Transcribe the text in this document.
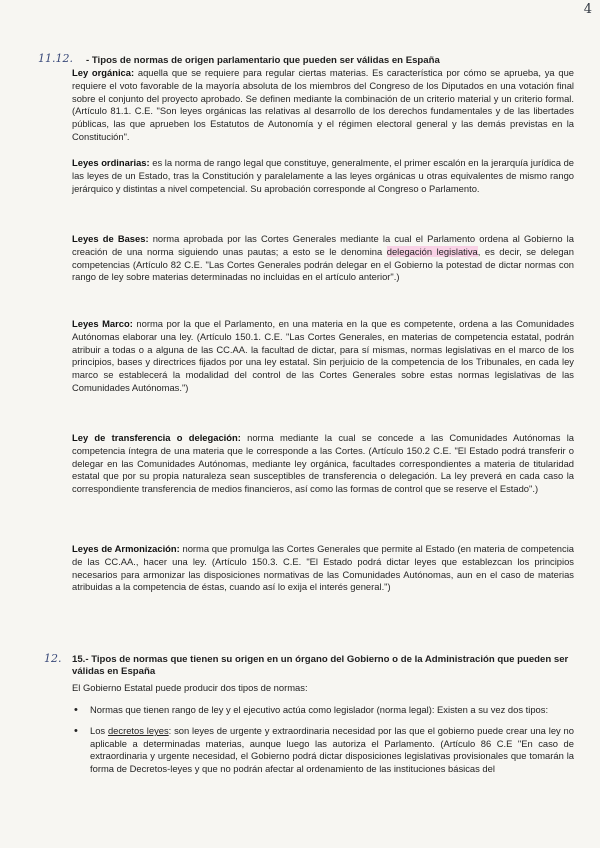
4
11.12. - Tipos de normas de origen parlamentario que pueden ser válidas en España
Ley orgánica: aquella que se requiere para regular ciertas materias. Es característica por cómo se aprueba, ya que requiere el voto favorable de la mayoría absoluta de los miembros del Congreso de los Diputados en una votación final sobre el conjunto del proyecto aprobado. Se definen mediante la combinación de un criterio material y un criterio formal. (Artículo 81.1. C.E. "Son leyes orgánicas las relativas al desarrollo de los derechos fundamentales y de las libertades públicas, las que aprueben los Estatutos de Autonomía y el régimen electoral general y las demás previstas en la Constitución".
Leyes ordinarias: es la norma de rango legal que constituye, generalmente, el primer escalón en la jerarquía jurídica de las leyes de un Estado, tras la Constitución y paralelamente a las leyes orgánicas u otras equivalentes de mismo rango jerárquico y distintas a nivel competencial. Su aprobación corresponde al Congreso o Parlamento.
Leyes de Bases: norma aprobada por las Cortes Generales mediante la cual el Parlamento ordena al Gobierno la creación de una norma siguiendo unas pautas; a esto se le denomina delegación legislativa, es decir, se delegan competencias (Artículo 82 C.E. "Las Cortes Generales podrán delegar en el Gobierno la potestad de dictar normas con rango de ley sobre materias determinadas no incluidas en el artículo anterior".)
Leyes Marco: norma por la que el Parlamento, en una materia en la que es competente, ordena a las Comunidades Autónomas elaborar una ley. (Artículo 150.1. C.E. "Las Cortes Generales, en materias de competencia estatal, podrán atribuir a todas o a alguna de las CC.AA. la facultad de dictar, para sí mismas, normas legislativas en el marco de los principios, bases y directrices fijados por una ley estatal. Sin perjuicio de la competencia de los Tribunales, en cada ley marco se establecerá la modalidad del control de las Cortes Generales sobre estas normas legislativas de las Comunidades Autónomas.")
Ley de transferencia o delegación: norma mediante la cual se concede a las Comunidades Autónomas la competencia íntegra de una materia que le corresponde a las Cortes. (Artículo 150.2 C.E. "El Estado podrá transferir o delegar en las Comunidades Autónomas, mediante ley orgánica, facultades correspondientes a materia de titularidad estatal que por su propia naturaleza sean susceptibles de transferencia o delegación. La ley preverá en cada caso la correspondiente transferencia de medios financieros, así como las formas de control que se reserve el Estado".)
Leyes de Armonización: norma que promulga las Cortes Generales que permite al Estado (en materia de competencia de las CC.AA., hacer una ley. (Artículo 150.3. C.E. "El Estado podrá dictar leyes que establezcan los principios necesarios para armonizar las disposiciones normativas de las Comunidades Autónomas, aun en el caso de materias atribuidas a la competencia de éstas, cuando así lo exija el interés general.")
12. 15.- Tipos de normas que tienen su origen en un órgano del Gobierno o de la Administración que pueden ser válidas en España
El Gobierno Estatal puede producir dos tipos de normas:
• Normas que tienen rango de ley y el ejecutivo actúa como legislador (norma legal): Existen a su vez dos tipos:
• Los decretos leyes: son leyes de urgente y extraordinaria necesidad por las que el gobierno puede crear una ley no aplicable a determinadas materias, aunque luego las autoriza el Parlamento. (Artículo 86 C.E "En caso de extraordinaria y urgente necesidad, el Gobierno podrá dictar disposiciones legislativas provisionales que tomarán la forma de Decretos-leyes y que no podrán afectar al ordenamiento de las instituciones básicas del
